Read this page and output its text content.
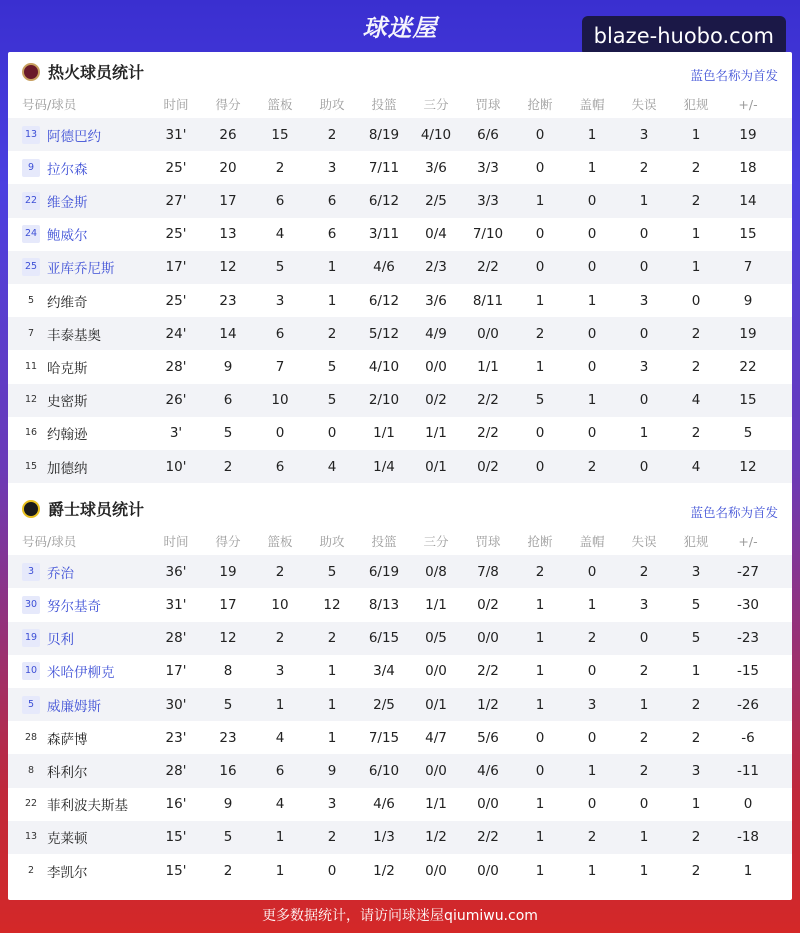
球迷屋	blaze-huobo.com
热火球员统计	蓝色名称为首发
号码/球员	时间	得分	篮板	助攻	投篮	三分	罚球	抢断	盖帽	失误	犯规	+/-
13 阿德巴约	31'	26	15	2	8/19	4/10	6/6	0	1	3	1	19
9 拉尔森	25'	20	2	3	7/11	3/6	3/3	0	1	2	2	18
22 维金斯	27'	17	6	6	6/12	2/5	3/3	1	0	1	2	14
24 鲍威尔	25'	13	4	6	3/11	0/4	7/10	0	0	0	1	15
25 亚库乔尼斯	17'	12	5	1	4/6	2/3	2/2	0	0	0	1	7
5 约维奇	25'	23	3	1	6/12	3/6	8/11	1	1	3	0	9
7 丰泰基奥	24'	14	6	2	5/12	4/9	0/0	2	0	0	2	19
11 哈克斯	28'	9	7	5	4/10	0/0	1/1	1	0	3	2	22
12 史密斯	26'	6	10	5	2/10	0/2	2/2	5	1	0	4	15
16 约翰逊	3'	5	0	0	1/1	1/1	2/2	0	0	1	2	5
15 加德纳	10'	2	6	4	1/4	0/1	0/2	0	2	0	4	12
爵士球员统计	蓝色名称为首发
号码/球员	时间	得分	篮板	助攻	投篮	三分	罚球	抢断	盖帽	失误	犯规	+/-
3 乔治	36'	19	2	5	6/19	0/8	7/8	2	0	2	3	-27
30 努尔基奇	31'	17	10	12	8/13	1/1	0/2	1	1	3	5	-30
19 贝利	28'	12	2	2	6/15	0/5	0/0	1	2	0	5	-23
10 米哈伊柳克	17'	8	3	1	3/4	0/0	2/2	1	0	2	1	-15
5 威廉姆斯	30'	5	1	1	2/5	0/1	1/2	1	3	1	2	-26
28 森萨博	23'	23	4	1	7/15	4/7	5/6	0	0	2	2	-6
8 科利尔	28'	16	6	9	6/10	0/0	4/6	0	1	2	3	-11
22 菲利波夫斯基	16'	9	4	3	4/6	1/1	0/0	1	0	0	1	0
13 克莱顿	15'	5	1	2	1/3	1/2	2/2	1	2	1	2	-18
2 李凯尔	15'	2	1	0	1/2	0/0	0/0	1	1	1	2	1
更多数据统计，请访问球迷屋qiumiwu.com
